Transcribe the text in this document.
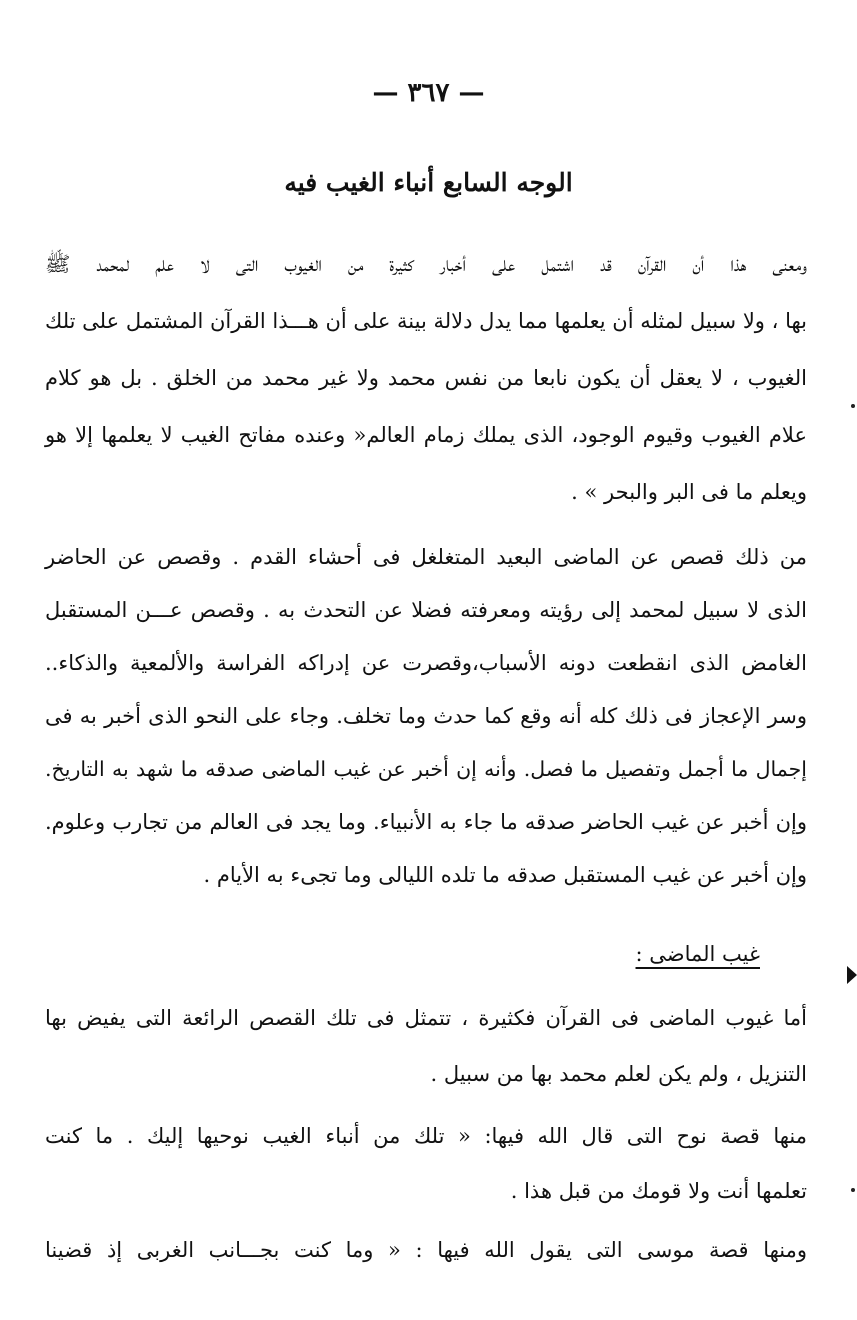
— ٣٦٧ —
الوجه السابع أنباء الغيب فيه
ومعنى هذا أن القرآن قد اشتمل على أخبار كثيرة من الغيوب التى لا علم لمحمد ﷺ
بها ، ولا سبيل لمثله أن يعلمها مما يدل دلالة بينة على أن هـــذا القرآن المشتمل على تلك
الغيوب ، لا يعقل أن يكون نابعا من نفس محمد ولا غير محمد من الخلق . بل هو كلام
علام الغيوب وقيوم الوجود، الذى يملك زمام العالم« وعنده مفاتح الغيب لا يعلمها إلا هو
ويعلم ما فى البر والبحر » .
من ذلك قصص عن الماضى البعيد المتغلغل فى أحشاء القدم . وقصص عن الحاضر
الذى لا سبيل لمحمد إلى رؤيته ومعرفته فضلا عن التحدث به . وقصص عـــن المستقبل
الغامض الذى انقطعت دونه الأسباب،وقصرت عن إدراكه الفراسة والألمعية والذكاء..
وسر الإعجاز فى ذلك كله أنه وقع كما حدث وما تخلف. وجاء على النحو الذى أخبر به فى
إجمال ما أجمل وتفصيل ما فصل. وأنه إن أخبر عن غيب الماضى صدقه ما شهد به التاريخ.
وإن أخبر عن غيب الحاضر صدقه ما جاء به الأنبياء. وما يجد فى العالم من تجارب وعلوم.
وإن أخبر عن غيب المستقبل صدقه ما تلده الليالى وما تجىء به الأيام .
غيب الماضى :
أما غيوب الماضى فى القرآن فكثيرة ، تتمثل فى تلك القصص الرائعة التى يفيض بها
التنزيل ، ولم يكن لعلم محمد بها من سبيل .
منها قصة نوح التى قال الله فيها: « تلك من أنباء الغيب نوحيها إليك . ما كنت
تعلمها أنت ولا قومك من قبل هذا .
ومنها قصة موسى التى يقول الله فيها : « وما كنت بجـــانب الغربى إذ قضينا
